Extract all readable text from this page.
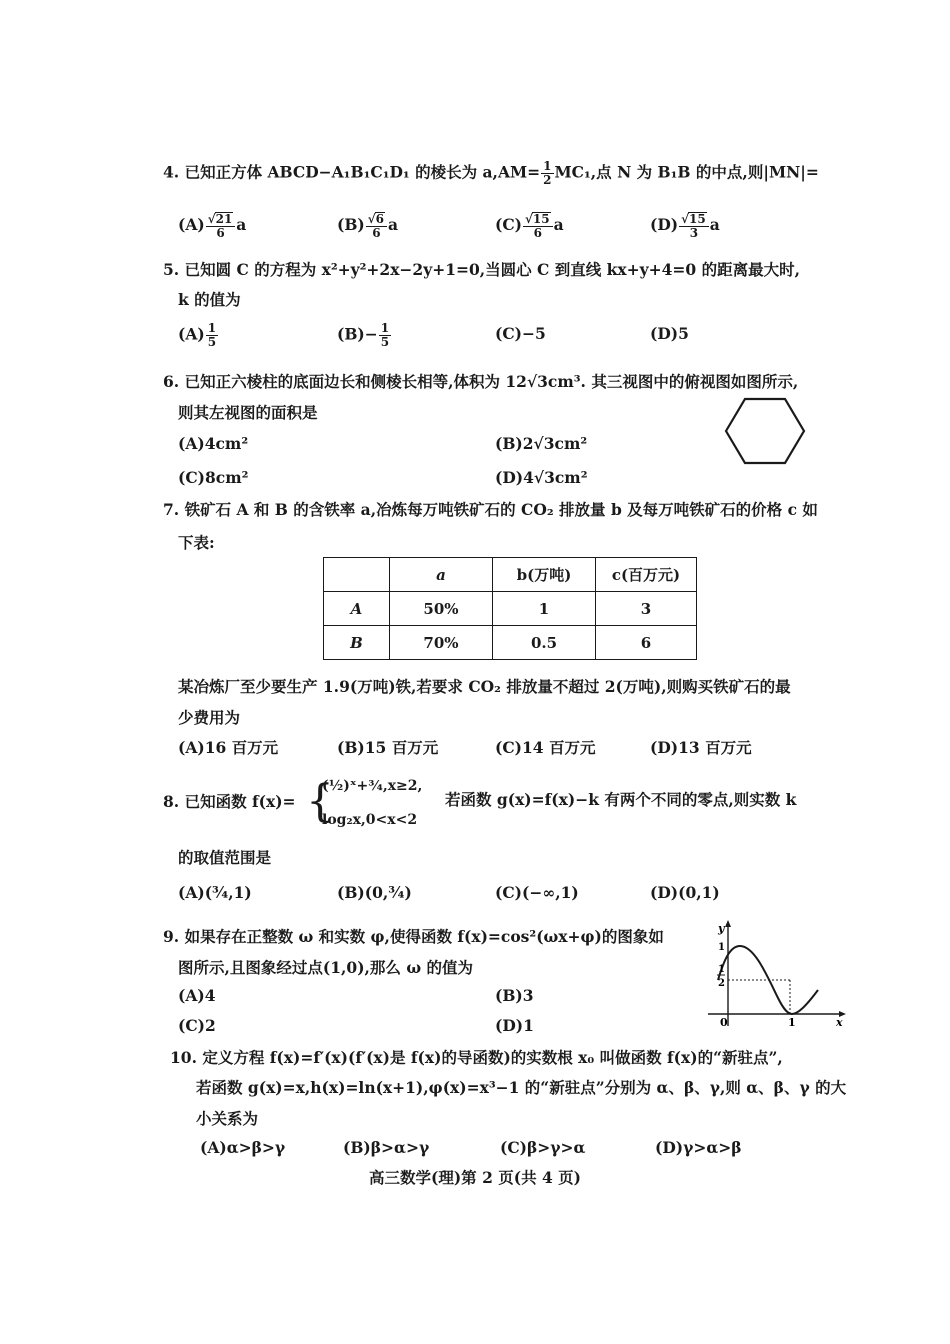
4. 已知正方体 ABCD−A₁B₁C₁D₁ 的棱长为 $a,AM= \frac{1}{2} MC_1$,点 N 为 B₁B 的中点,则|MN|=
$(A) \frac{√21}{6}$ a	$(B) \frac{√6}{6}$ a	$(C) \frac{√15}{6}$ a	$(D) \frac{√15}{3}$ a
5. 已知圆 C 的方程为 x²+y²+2x−2y+1=0,当圆心 C 到直线 kx+y+4=0 的距离最大时,
k 的值为
$(A) \frac{1}{5}$	$(B)- \frac{1}{5}$	(C)−5	(D)5
6. 已知正六棱柱的底面边长和侧棱长相等,体积为 12√3cm³. 其三视图中的俯视图如图所示,
则其左视图的面积是
(A)4cm²	(B)2√3cm²
(C)8cm²	(D)4√3cm²
7. 铁矿石 A 和 B 的含铁率 a,冶炼每万吨铁矿石的 CO₂ 排放量 b 及每万吨铁矿石的价格 c 如
下表:
	a	b(万吨)	c(百万元)
A	50%	1	3
B	70%	0.5	6
某冶炼厂至少要生产 1.9(万吨)铁,若要求 CO₂ 排放量不超过 2(万吨),则购买铁矿石的最
少费用为
(A)16 百万元	(B)15 百万元	(C)14 百万元	(D)13 百万元
8. 已知函数 f(x)= {
(½)ˣ+¾,x≥2,
log₂x,0<x<2
若函数 g(x)=f(x)−k 有两个不同的零点,则实数 k
的取值范围是
(A)(¾,1)	(B)(0,¾)	(C)(−∞,1)	(D)(0,1)
9. 如果存在正整数 ω 和实数 φ,使得函数 f(x)=cos²(ωx+φ)的图象如
图所示,且图象经过点(1,0),那么 ω 的值为
(A)4	(B)3
(C)2	(D)1
y
x
0	1
1
2
1
10. 定义方程 f(x)=f′(x)(f′(x)是 f(x)的导函数)的实数根 x₀ 叫做函数 f(x)的“新驻点”,
若函数 g(x)=x,h(x)=ln(x+1),φ(x)=x³−1 的“新驻点”分别为 α、β、γ,则 α、β、γ 的大
小关系为
(A)α>β>γ	(B)β>α>γ	(C)β>γ>α	(D)γ>α>β
高三数学(理)第 2 页(共 4 页)
